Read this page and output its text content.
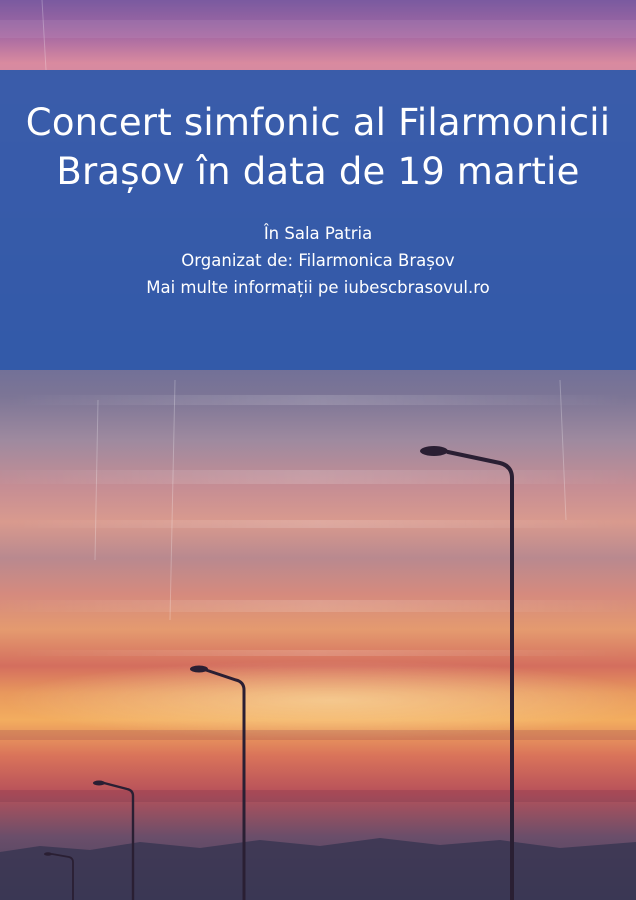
Concert simfonic al Filarmonicii Brașov în data de 19 martie
În Sala Patria
Organizat de: Filarmonica Brașov
Mai multe informații pe iubescbrasovul.ro
